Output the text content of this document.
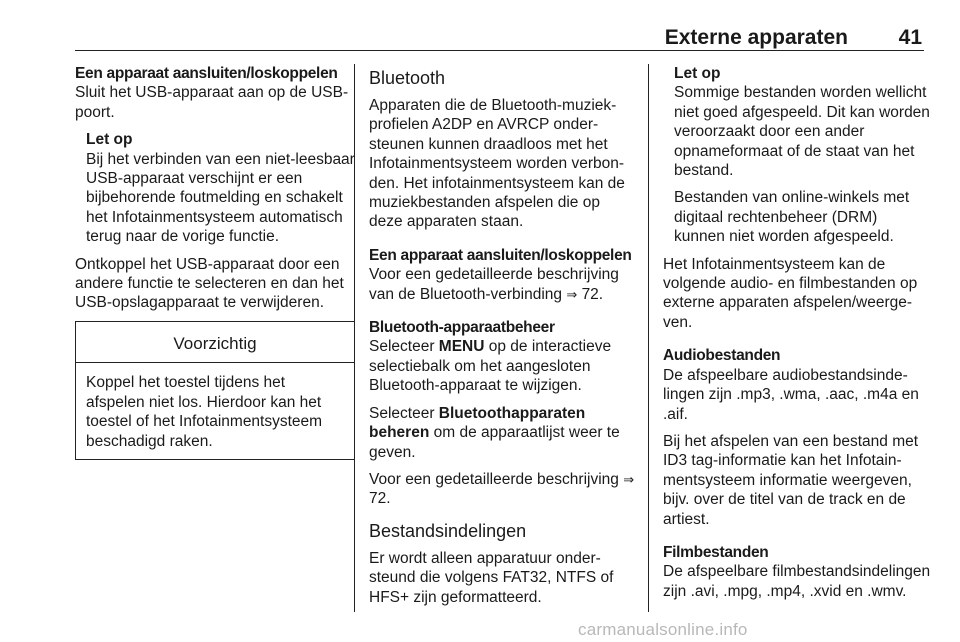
Externe apparaten 41
Een apparaat aansluiten/loskoppelen

Sluit het USB-apparaat aan op de USB-poort.

Let op

Bij het verbinden van een niet-leesbaar USB-apparaat verschijnt er een bijbehorende foutmelding en schakelt het Infotainmentsysteem automatisch terug naar de vorige functie.

Ontkoppel het USB-apparaat door een andere functie te selecteren en dan het USB-opslagapparaat te verwijderen.

Voorzichtig
Koppel het toestel tijdens het afspelen niet los. Hierdoor kan het toestel of het Infotainmentsysteem beschadigd raken.
Bluetooth

Apparaten die de Bluetooth-muziekprofielen A2DP en AVRCP ondersteunen kunnen draadloos met het Infotainmentsysteem worden verbonden. Het infotainmentsysteem kan de muziekbestanden afspelen die op deze apparaten staan.

Een apparaat aansluiten/loskoppelen

Voor een gedetailleerde beschrijving van de Bluetooth-verbinding ⇒ 72.

Bluetooth-apparaatbeheer

Selecteer MENU op de interactieve selectiebalk om het aangesloten Bluetooth-apparaat te wijzigen.

Selecteer Bluetoothapparaten beheren om de apparaatlijst weer te geven.

Voor een gedetailleerde beschrijving ⇒ 72.

Bestandsindelingen

Er wordt alleen apparatuur ondersteund die volgens FAT32, NTFS of HFS+ zijn geformatteerd.

Let op

Sommige bestanden worden wellicht niet goed afgespeeld. Dit kan worden veroorzaakt door een ander opnameformaat of de staat van het bestand.

Bestanden van online-winkels met digitaal rechtenbeheer (DRM) kunnen niet worden afgespeeld.

Het Infotainmentsysteem kan de volgende audio- en filmbestanden op externe apparaten afspelen/weergeven.

Audiobestanden

De afspeelbare audiobestandsindelingen zijn .mp3, .wma, .aac, .m4a en .aif.

Bij het afspelen van een bestand met ID3 tag-informatie kan het Infotainmentsysteem informatie weergeven, bijv. over de titel van de track en de artiest.

Filmbestanden

De afspeelbare filmbestandsindelingen zijn .avi, .mpg, .mp4, .xvid en .wmv.

carmanualsonline.info
